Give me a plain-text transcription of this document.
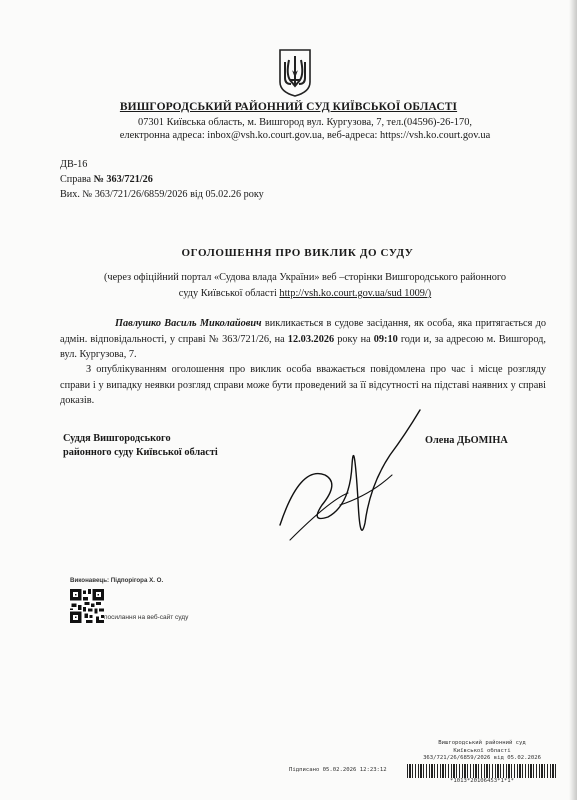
ВИШГОРОДСЬКИЙ РАЙОННИЙ СУД КИЇВСЬКОЇ ОБЛАСТІ
07301 Київська область, м. Вишгород вул. Кургузова, 7, тел.(04596)-26-170,
електронна адреса: inbox@vsh.ko.court.gov.ua, веб-адреса: https://vsh.ko.court.gov.ua
ДВ-16
Справа № 363/721/26
Вих. № 363/721/26/6859/2026 від 05.02.26 року
ОГОЛОШЕННЯ ПРО ВИКЛИК ДО СУДУ
(через офіційний портал «Судова влада України» веб –сторінки Вишгородського районного
суду Київської області http://vsh.ko.court.gov.ua/sud 1009/)
Павлушко Василь Миколайович викликається в судове засідання, як особа, яка притягається до адмін. відповідальності, у справі № 363/721/26, на 12.03.2026 року на 09:10 годи и, за адресою м. Вишгород, вул. Кургузова, 7.
З опублікуванням оголошення про виклик особа вважається повідомлена про час і місце розгляду справи і у випадку неявки розгляд справи може бути проведений за її відсутності на підставі наявних у справі доказів.
Суддя Вишгородського
районного суду Київської області
Олена ДЬОМІНА
Виконавець: Підпорігора Х. О.
посилання на веб-сайт суду
Вишгородський районний суд
Київської області
363/721/26/6859/2026 від 05.02.2026
*1013*20106453*1*1*
Підписано 05.02.2026 12:23:12
